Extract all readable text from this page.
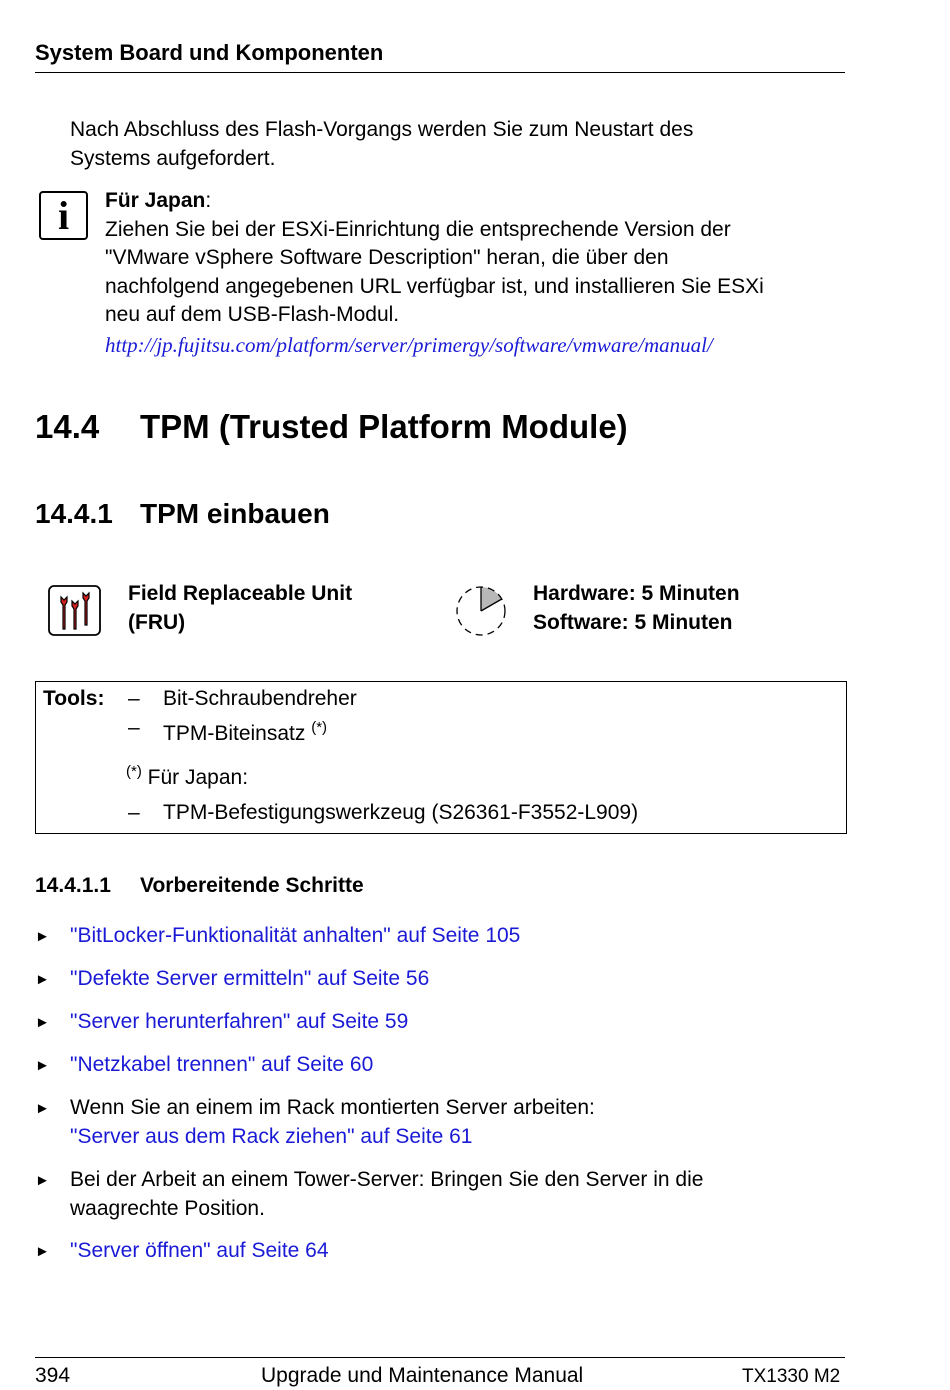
System Board und Komponenten
Nach Abschluss des Flash-Vorgangs werden Sie zum Neustart des
Systems aufgefordert.
i	Für Japan:
Ziehen Sie bei der ESXi-Einrichtung die entsprechende Version der
"VMware vSphere Software Description" heran, die über den
nachfolgend angegebenen URL verfügbar ist, und installieren Sie ESXi
neu auf dem USB-Flash-Modul.
http://jp.fujitsu.com/platform/server/primergy/software/vmware/manual/
14.4 TPM (Trusted Platform Module)
14.4.1 TPM einbauen
Field Replaceable Unit
(FRU)
Hardware: 5 Minuten
Software: 5 Minuten
Tools: – Bit-Schraubendreher
– TPM-Biteinsatz (*)
(*) Für Japan:
– TPM-Befestigungswerkzeug (S26361-F3552-L909)
14.4.1.1 Vorbereitende Schritte
► "BitLocker-Funktionalität anhalten" auf Seite 105
► "Defekte Server ermitteln" auf Seite 56
► "Server herunterfahren" auf Seite 59
► "Netzkabel trennen" auf Seite 60
► Wenn Sie an einem im Rack montierten Server arbeiten:
"Server aus dem Rack ziehen" auf Seite 61
► Bei der Arbeit an einem Tower-Server: Bringen Sie den Server in die
waagrechte Position.
► "Server öffnen" auf Seite 64
394	Upgrade und Maintenance Manual	TX1330 M2
